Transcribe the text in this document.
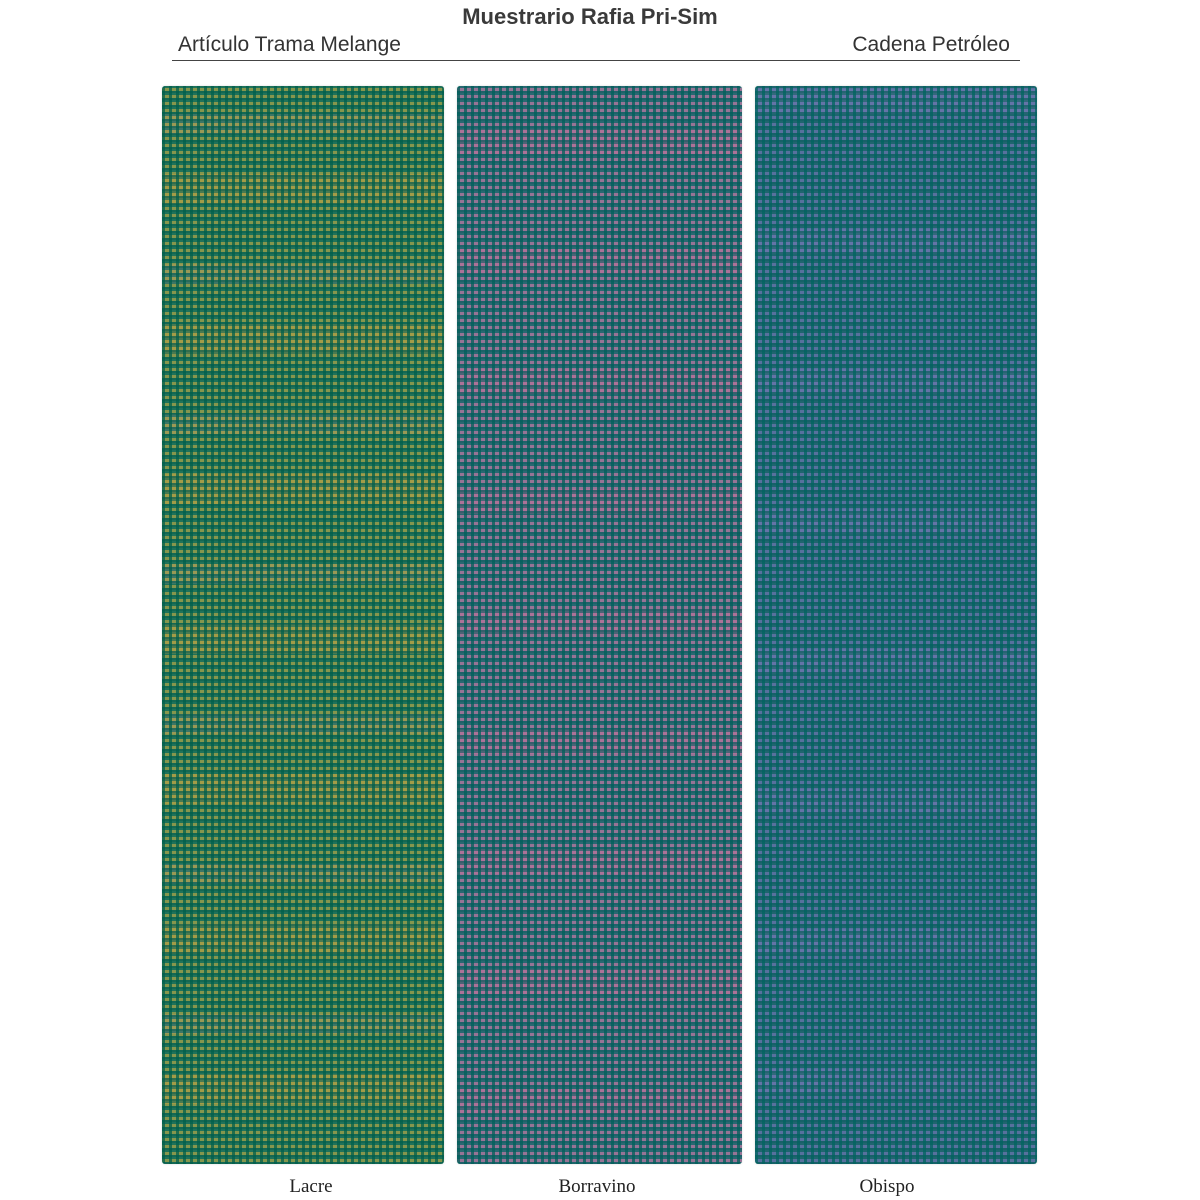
Muestrario Rafia Pri-Sim
Artículo Trama Melange	Cadena Petróleo
Lacre	Borravino	Obispo
